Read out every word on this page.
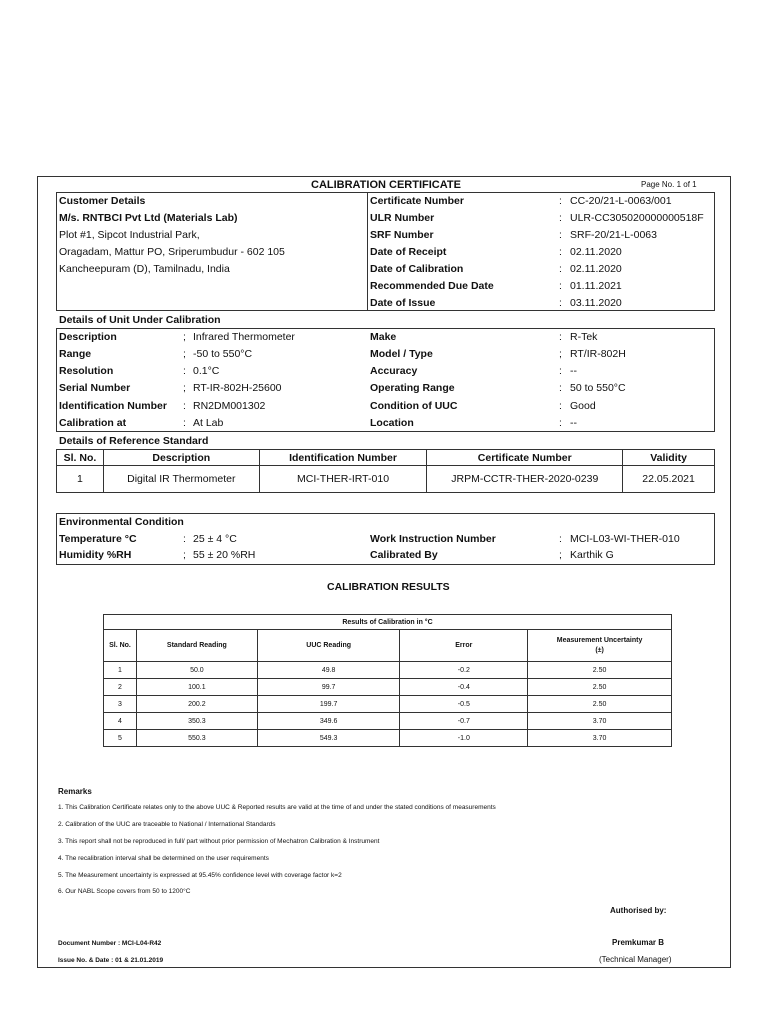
CALIBRATION CERTIFICATE	Page No. 1 of 1
Customer Details
M/s. RNTBCI Pvt Ltd (Materials Lab)
Plot #1, Sipcot Industrial Park,
Oragadam, Mattur PO, Sriperumbudur - 602 105
Kancheepuram (D), Tamilnadu, India
Certificate Number	: CC-20/21-L-0063/001
ULR Number	: ULR-CC305020000000518F
SRF Number	: SRF-20/21-L-0063
Date of Receipt	: 02.11.2020
Date of Calibration	: 02.11.2020
Recommended Due Date	: 01.11.2021
Date of Issue	: 03.11.2020
Details of Unit Under Calibration
Description	; Infrared Thermometer	Make	: R-Tek
Range	; -50 to 550°C	Model / Type	; RT/IR-802H
Resolution	: 0.1°C	Accuracy	: --
Serial Number	; RT-IR-802H-25600	Operating Range	: 50 to 550°C
Identification Number : RN2DM001302	Condition of UUC	: Good
Calibration at	: At Lab	Location	: --
Details of Reference Standard
Sl. No.	Description	Identification Number	Certificate Number	Validity
1	Digital IR Thermometer	MCI-THER-IRT-010	JRPM-CCTR-THER-2020-0239	22.05.2021
Environmental Condition
Temperature °C	: 25 ± 4 °C	Work Instruction Number	: MCI-L03-WI-THER-010
Humidity %RH	; 55 ± 20 %RH	Calibrated By	; Karthik G
CALIBRATION RESULTS
Results of Calibration in °C				
Sl. No.	Standard Reading	UUC Reading	Error	Measurement Uncertainty
(±)
1	50.0	49.8	-0.2	2.50
2	100.1	99.7	-0.4	2.50
3	200.2	199.7	-0.5	2.50
4	350.3	349.6	-0.7	3.70
5	550.3	549.3	-1.0	3.70
Remarks
1. This Calibration Certificate relates only to the above UUC & Reported results are valid at the time of and under the stated conditions of measurements
2. Calibration of the UUC are traceable to National / International Standards
3. This report shall not be reproduced in full/ part without prior permission of Mechatron Calibration & Instrument
4. The recalibration interval shall be determined on the user requirements
5. The Measurement uncertainty is expressed at 95.45% confidence level with coverage factor k=2
6. Our NABL Scope covers from 50 to 1200°C
Authorised by:
Document Number : MCI-L04-R42	Premkumar B
Issue No. & Date : 01 & 21.01.2019	(Technical Manager)
